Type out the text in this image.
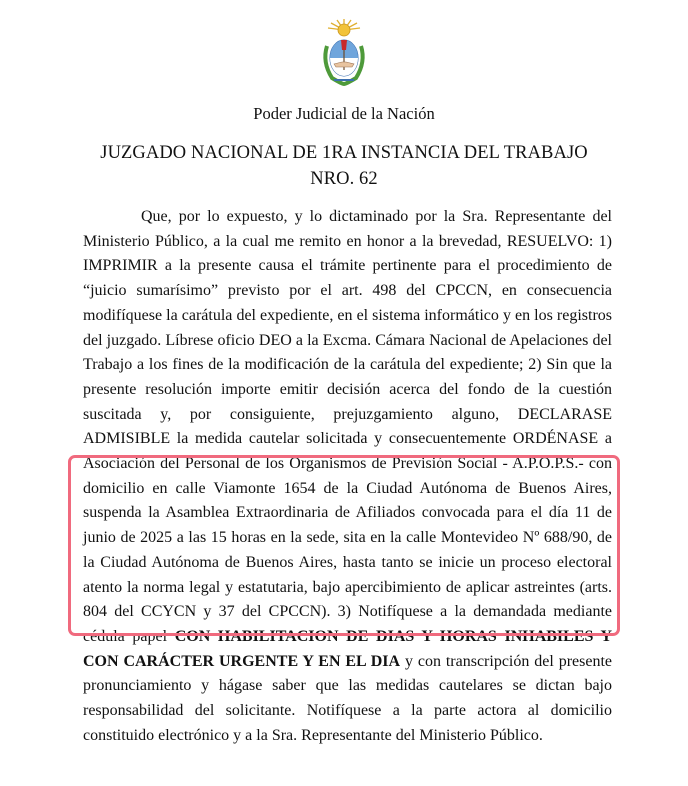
Poder Judicial de la Nación
JUZGADO NACIONAL DE 1RA INSTANCIA DEL TRABAJO
NRO. 62
Que, por lo expuesto, y lo dictaminado por la Sra. Representante del Ministerio Público, a la cual me remito en honor a la brevedad, RESUELVO: 1) IMPRIMIR a la presente causa el trámite pertinente para el procedimiento de “juicio sumarísimo” previsto por el art. 498 del CPCCN, en consecuencia modifíquese la carátula del expediente, en el sistema informático y en los registros del juzgado. Líbrese oficio DEO a la Excma. Cámara Nacional de Apelaciones del Trabajo a los fines de la modificación de la carátula del expediente; 2) Sin que la presente resolución importe emitir decisión acerca del fondo de la cuestión suscitada y, por consiguiente, prejuzgamiento alguno, DECLARASE ADMISIBLE la medida cautelar solicitada y consecuentemente ORDÉNASE a Asociación del Personal de los Organismos de Previsión Social - A.P.O.P.S.- con domicilio en calle Viamonte 1654 de la Ciudad Autónoma de Buenos Aires, suspenda la Asamblea Extraordinaria de Afiliados convocada para el día 11 de junio de 2025 a las 15 horas en la sede, sita en la calle Montevideo Nº 688/90, de la Ciudad Autónoma de Buenos Aires, hasta tanto se inicie un proceso electoral atento la norma legal y estatutaria, bajo apercibimiento de aplicar astreintes (arts. 804 del CCYCN y 37 del CPCCN). 3) Notifíquese a la demandada mediante cédula papel CON HABILITACION DE DIAS Y HORAS INHABILES Y CON CARÁCTER URGENTE Y EN EL DIA y con transcripción del presente pronunciamiento y hágase saber que las medidas cautelares se dictan bajo responsabilidad del solicitante. Notifíquese a la parte actora al domicilio constituido electrónico y a la Sra. Representante del Ministerio Público.
